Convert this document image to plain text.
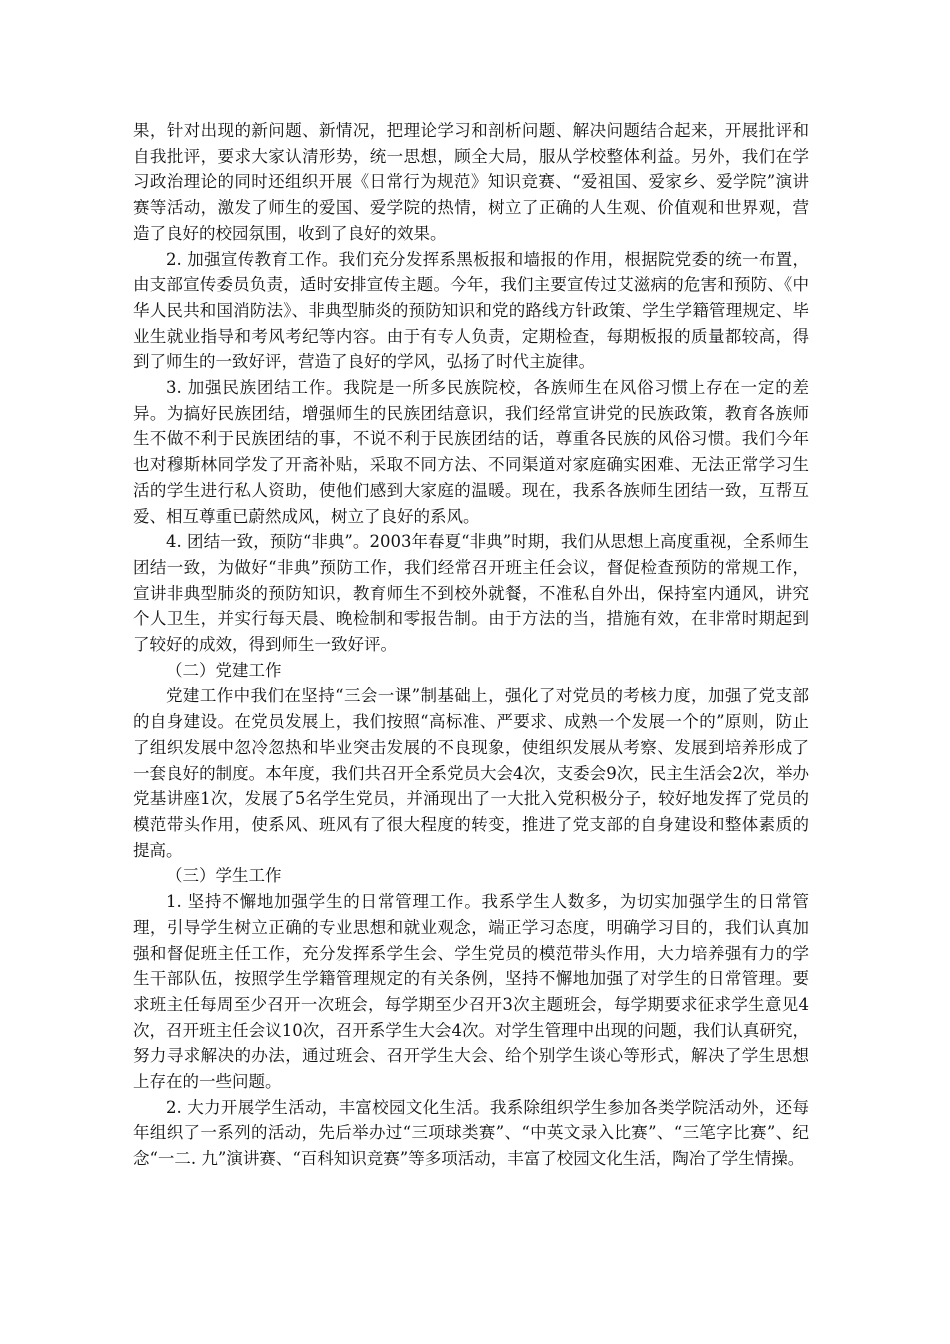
果，针对出现的新问题、新情况，把理论学习和剖析问题、解决问题结合起来，开展批评和自我批评，要求大家认清形势，统一思想，顾全大局，服从学校整体利益。另外，我们在学习政治理论的同时还组织开展《日常行为规范》知识竞赛、“爱祖国、爱家乡、爱学院”演讲赛等活动，激发了师生的爱国、爱学院的热情，树立了正确的人生观、价值观和世界观，营造了良好的校园氛围，收到了良好的效果。

2. 加强宣传教育工作。我们充分发挥系黑板报和墙报的作用，根据院党委的统一布置，由支部宣传委员负责，适时安排宣传主题。今年，我们主要宣传过艾滋病的危害和预防、《中华人民共和国消防法》、非典型肺炎的预防知识和党的路线方针政策、学生学籍管理规定、毕业生就业指导和考风考纪等内容。由于有专人负责，定期检查，每期板报的质量都较高，得到了师生的一致好评，营造了良好的学风，弘扬了时代主旋律。

3. 加强民族团结工作。我院是一所多民族院校，各族师生在风俗习惯上存在一定的差异。为搞好民族团结，增强师生的民族团结意识，我们经常宣讲党的民族政策，教育各族师生不做不利于民族团结的事，不说不利于民族团结的话，尊重各民族的风俗习惯。我们今年也对穆斯林同学发了开斋补贴，采取不同方法、不同渠道对家庭确实困难、无法正常学习生活的学生进行私人资助，使他们感到大家庭的温暖。现在，我系各族师生团结一致，互帮互爱、相互尊重已蔚然成风，树立了良好的系风。

4. 团结一致，预防“非典”。2003年春夏“非典”时期，我们从思想上高度重视，全系师生团结一致，为做好“非典”预防工作，我们经常召开班主任会议，督促检查预防的常规工作，宣讲非典型肺炎的预防知识，教育师生不到校外就餐，不准私自外出，保持室内通风，讲究个人卫生，并实行每天晨、晚检制和零报告制。由于方法的当，措施有效，在非常时期起到了较好的成效，得到师生一致好评。

（二）党建工作

党建工作中我们在坚持“三会一课”制基础上，强化了对党员的考核力度，加强了党支部的自身建设。在党员发展上，我们按照“高标准、严要求、成熟一个发展一个的”原则，防止了组织发展中忽冷忽热和毕业突击发展的不良现象，使组织发展从考察、发展到培养形成了一套良好的制度。本年度，我们共召开全系党员大会4次，支委会9次，民主生活会2次，举办党基讲座1次，发展了5名学生党员，并涌现出了一大批入党积极分子，较好地发挥了党员的模范带头作用，使系风、班风有了很大程度的转变，推进了党支部的自身建设和整体素质的提高。

（三）学生工作

1. 坚持不懈地加强学生的日常管理工作。我系学生人数多，为切实加强学生的日常管理，引导学生树立正确的专业思想和就业观念，端正学习态度，明确学习目的，我们认真加强和督促班主任工作，充分发挥系学生会、学生党员的模范带头作用，大力培养强有力的学生干部队伍，按照学生学籍管理规定的有关条例，坚持不懈地加强了对学生的日常管理。要求班主任每周至少召开一次班会，每学期至少召开3次主题班会，每学期要求征求学生意见4次，召开班主任会议10次，召开系学生大会4次。对学生管理中出现的问题，我们认真研究，努力寻求解决的办法，通过班会、召开学生大会、给个别学生谈心等形式，解决了学生思想上存在的一些问题。

2. 大力开展学生活动，丰富校园文化生活。我系除组织学生参加各类学院活动外，还每年组织了一系列的活动，先后举办过“三项球类赛”、“中英文录入比赛”、“三笔字比赛”、纪念“一二. 九”演讲赛、“百科知识竞赛”等多项活动，丰富了校园文化生活，陶冶了学生情操。
